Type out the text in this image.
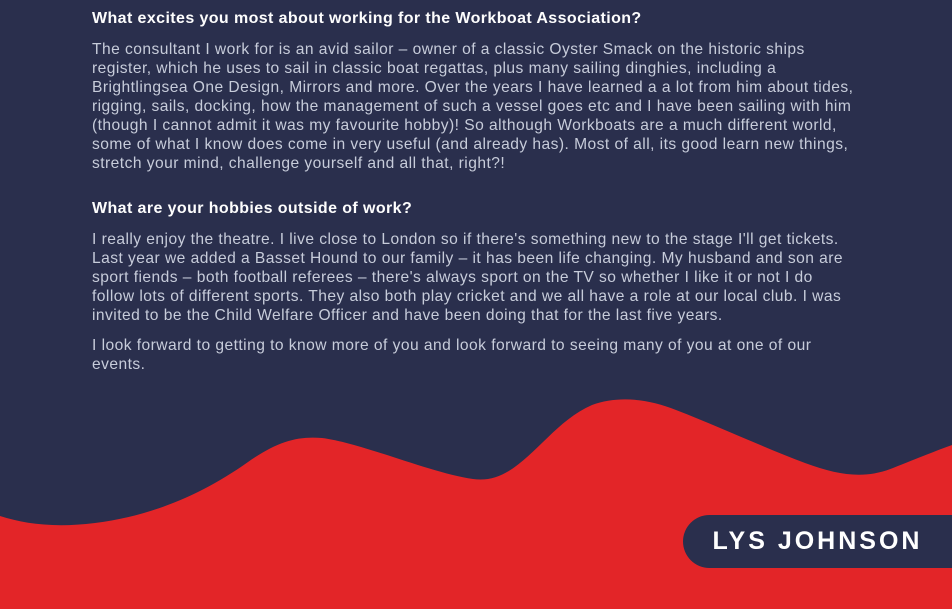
What excites you most about working for the Workboat Association?

The consultant I work for is an avid sailor – owner of a classic Oyster Smack on the historic ships register, which he uses to sail in classic boat regattas, plus many sailing dinghies, including a Brightlingsea One Design, Mirrors and more. Over the years I have learned a a lot from him about tides, rigging, sails, docking, how the management of such a vessel goes etc and I have been sailing with him (though I cannot admit it was my favourite hobby)! So although Workboats are a much different world, some of what I know does come in very useful (and already has). Most of all, its good learn new things, stretch your mind, challenge yourself and all that, right?!

What are your hobbies outside of work?

I really enjoy the theatre. I live close to London so if there's something new to the stage I'll get tickets. Last year we added a Basset Hound to our family – it has been life changing. My husband and son are sport fiends – both football referees – there's always sport on the TV so whether I like it or not I do follow lots of different sports. They also both play cricket and we all have a role at our local club. I was invited to be the Child Welfare Officer and have been doing that for the last five years.

I look forward to getting to know more of you and look forward to seeing many of you at one of our events.

LYS JOHNSON
